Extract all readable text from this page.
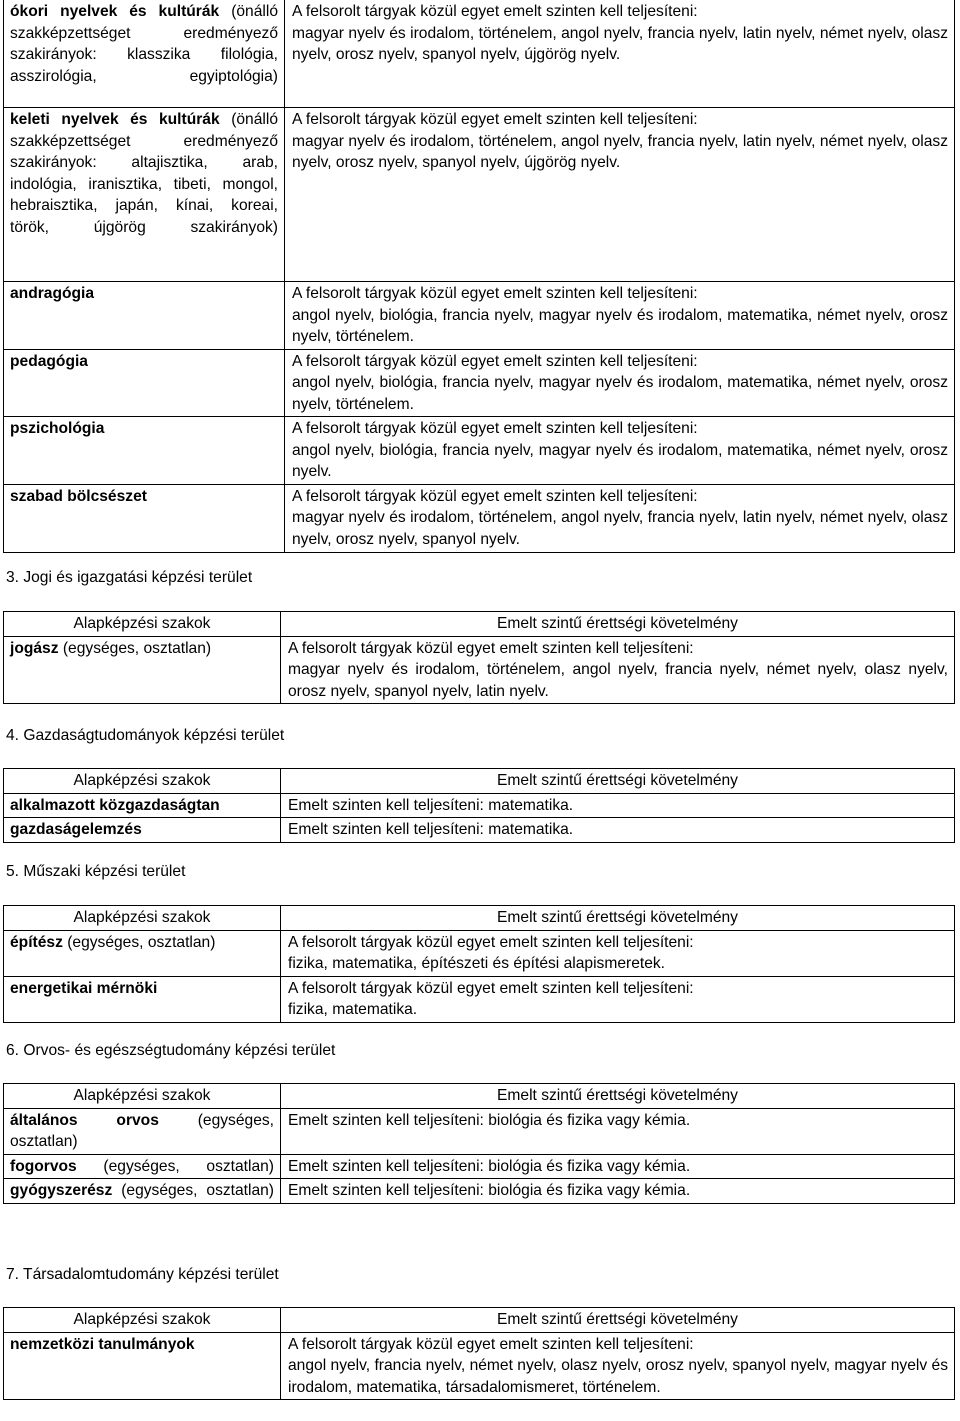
ókori nyelvek és kultúrák (önálló szakképzettséget eredményező szakirányok: klasszika filológia, asszirológia, egyiptológia)	A felsorolt tárgyak közül egyet emelt szinten kell teljesíteni:
magyar nyelv és irodalom, történelem, angol nyelv, francia nyelv, latin nyelv, német nyelv, olasz nyelv, orosz nyelv, spanyol nyelv, újgörög nyelv.

keleti nyelvek és kultúrák (önálló szakképzettséget eredményező szakirányok: altajisztika, arab, indológia, iranisztika, tibeti, mongol, hebraisztika, japán, kínai, koreai, török, újgörög szakirányok)	A felsorolt tárgyak közül egyet emelt szinten kell teljesíteni:
magyar nyelv és irodalom, történelem, angol nyelv, francia nyelv, latin nyelv, német nyelv, olasz nyelv, orosz nyelv, spanyol nyelv, újgörög nyelv.

andragógia	A felsorolt tárgyak közül egyet emelt szinten kell teljesíteni:
angol nyelv, biológia, francia nyelv, magyar nyelv és irodalom, matematika, német nyelv, orosz nyelv, történelem.

pedagógia	A felsorolt tárgyak közül egyet emelt szinten kell teljesíteni:
angol nyelv, biológia, francia nyelv, magyar nyelv és irodalom, matematika, német nyelv, orosz nyelv, történelem.

pszichológia	A felsorolt tárgyak közül egyet emelt szinten kell teljesíteni:
angol nyelv, biológia, francia nyelv, magyar nyelv és irodalom, matematika, német nyelv, orosz nyelv.

szabad bölcsészet	A felsorolt tárgyak közül egyet emelt szinten kell teljesíteni:
magyar nyelv és irodalom, történelem, angol nyelv, francia nyelv, latin nyelv, német nyelv, olasz nyelv, orosz nyelv, spanyol nyelv.
3. Jogi és igazgatási képzési terület
Alapképzési szakok	Emelt szintű érettségi követelmény
jogász (egységes, osztatlan)	A felsorolt tárgyak közül egyet emelt szinten kell teljesíteni:
magyar nyelv és irodalom, történelem, angol nyelv, francia nyelv, német nyelv, olasz nyelv, orosz nyelv, spanyol nyelv, latin nyelv.
4. Gazdaságtudományok képzési terület
Alapképzési szakok	Emelt szintű érettségi követelmény
alkalmazott közgazdaságtan	Emelt szinten kell teljesíteni: matematika.
gazdaságelemzés	Emelt szinten kell teljesíteni: matematika.
5. Műszaki képzési terület
Alapképzési szakok	Emelt szintű érettségi követelmény
építész (egységes, osztatlan)	A felsorolt tárgyak közül egyet emelt szinten kell teljesíteni:
fizika, matematika, építészeti és építési alapismeretek.

energetikai mérnöki	A felsorolt tárgyak közül egyet emelt szinten kell teljesíteni:
fizika, matematika.
6. Orvos- és egészségtudomány képzési terület
Alapképzési szakok	Emelt szintű érettségi követelmény

általános orvos (egységes, osztatlan)	Emelt szinten kell teljesíteni: biológia és fizika vagy kémia.

fogorvos (egységes, osztatlan)	Emelt szinten kell teljesíteni: biológia és fizika vagy kémia.

gyógyszerész (egységes, osztatlan)	Emelt szinten kell teljesíteni: biológia és fizika vagy kémia.
7. Társadalomtudomány képzési terület
Alapképzési szakok	Emelt szintű érettségi követelmény
nemzetközi tanulmányok	A felsorolt tárgyak közül egyet emelt szinten kell teljesíteni:
angol nyelv, francia nyelv, német nyelv, olasz nyelv, orosz nyelv, spanyol nyelv, magyar nyelv és irodalom, matematika, társadalomismeret, történelem.
